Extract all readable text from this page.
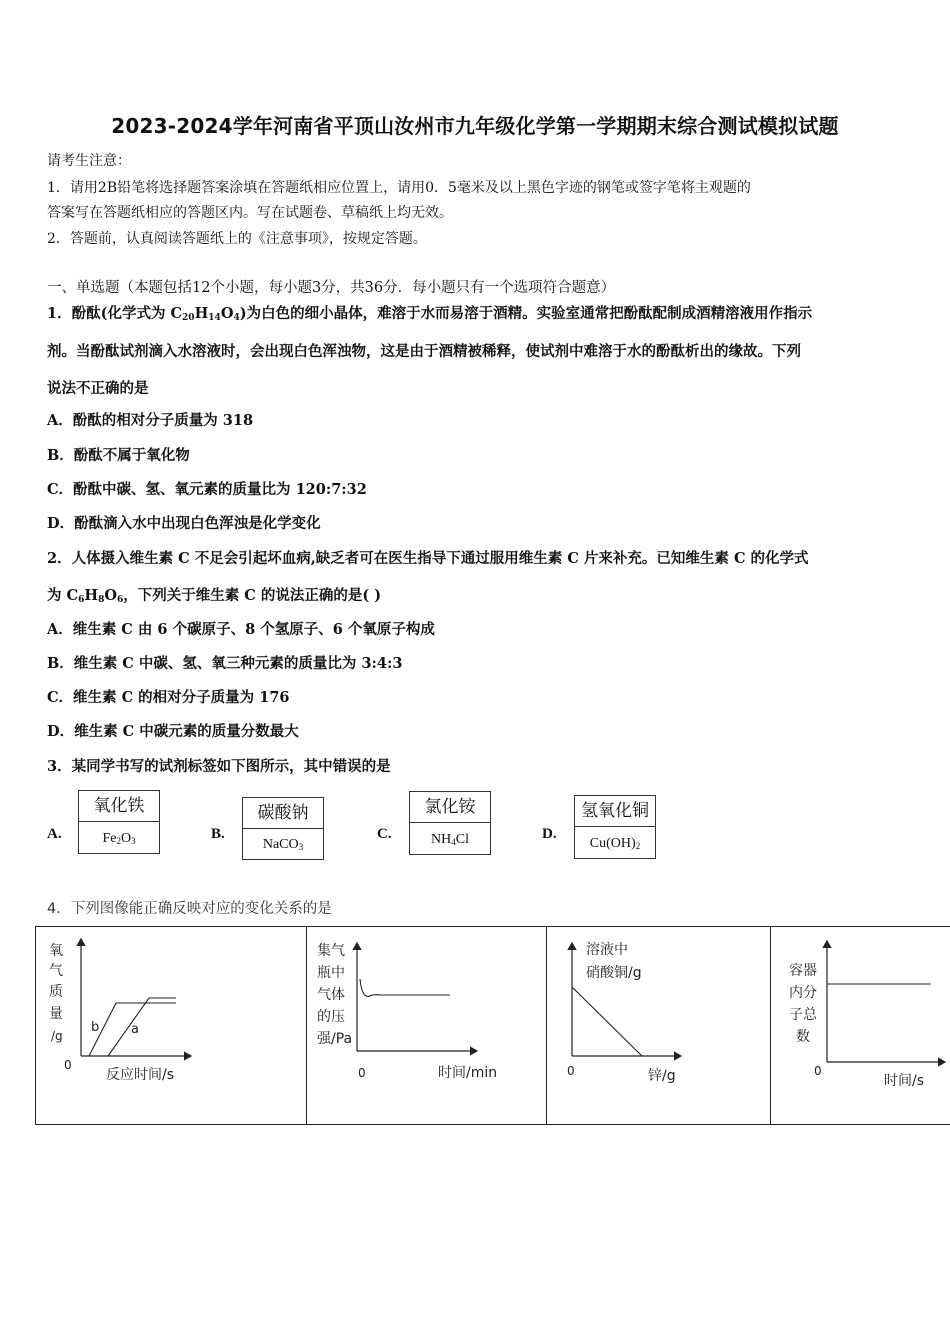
2023-2024学年河南省平顶山汝州市九年级化学第一学期期末综合测试模拟试题
请考生注意：
1．请用2B铅笔将选择题答案涂填在答题纸相应位置上，请用0．5毫米及以上黑色字迹的钢笔或签字笔将主观题的
答案写在答题纸相应的答题区内。写在试题卷、草稿纸上均无效。
2．答题前，认真阅读答题纸上的《注意事项》，按规定答题。
一、单选题（本题包括12个小题，每小题3分，共36分．每小题只有一个选项符合题意）
1．酚酞(化学式为 $C_{20}H_{14}O_4$)为白色的细小晶体，难溶于水而易溶于酒精。实验室通常把酚酞配制成酒精溶液用作指示
剂。当酚酞试剂滴入水溶液时，会出现白色浑浊物，这是由于酒精被稀释，使试剂中难溶于水的酚酞析出的缘故。下列
说法不正确的是
A．酚酞的相对分子质量为 318
B．酚酞不属于氧化物
C．酚酞中碳、氢、氧元素的质量比为 120:7:32
D．酚酞滴入水中出现白色浑浊是化学变化
2．人体摄入维生素 C 不足会引起坏血病,缺乏者可在医生指导下通过服用维生素 C 片来补充。已知维生素 C 的化学式
为 $C_6H_8O_6$，下列关于维生素 C 的说法正确的是( )
A．维生素 C 由 6 个碳原子、8 个氢原子、6 个氧原子构成
B．维生素 C 中碳、氢、氧三种元素的质量比为 3:4:3
C．维生素 C 的相对分子质量为 176
D．维生素 C 中碳元素的质量分数最大
3．某同学书写的试剂标签如下图所示，其中错误的是
A.
氧化铁
$Fe_2O_3$	B.
碳酸钠
NaCO$_3$
C.
氯化铵
$NH_4Cl$	D.
氢氧化铜
$Cu(OH)_2$
4．下列图像能正确反映对应的变化关系的是
氧
气
质
量
/g
0
反应时间/s
b a
集气
瓶中
气体
的压
强/Pa
0	时间/min
溶液中
硝酸铜/g
0	锌/g
容器
内分
子总
数
0
时间/s
